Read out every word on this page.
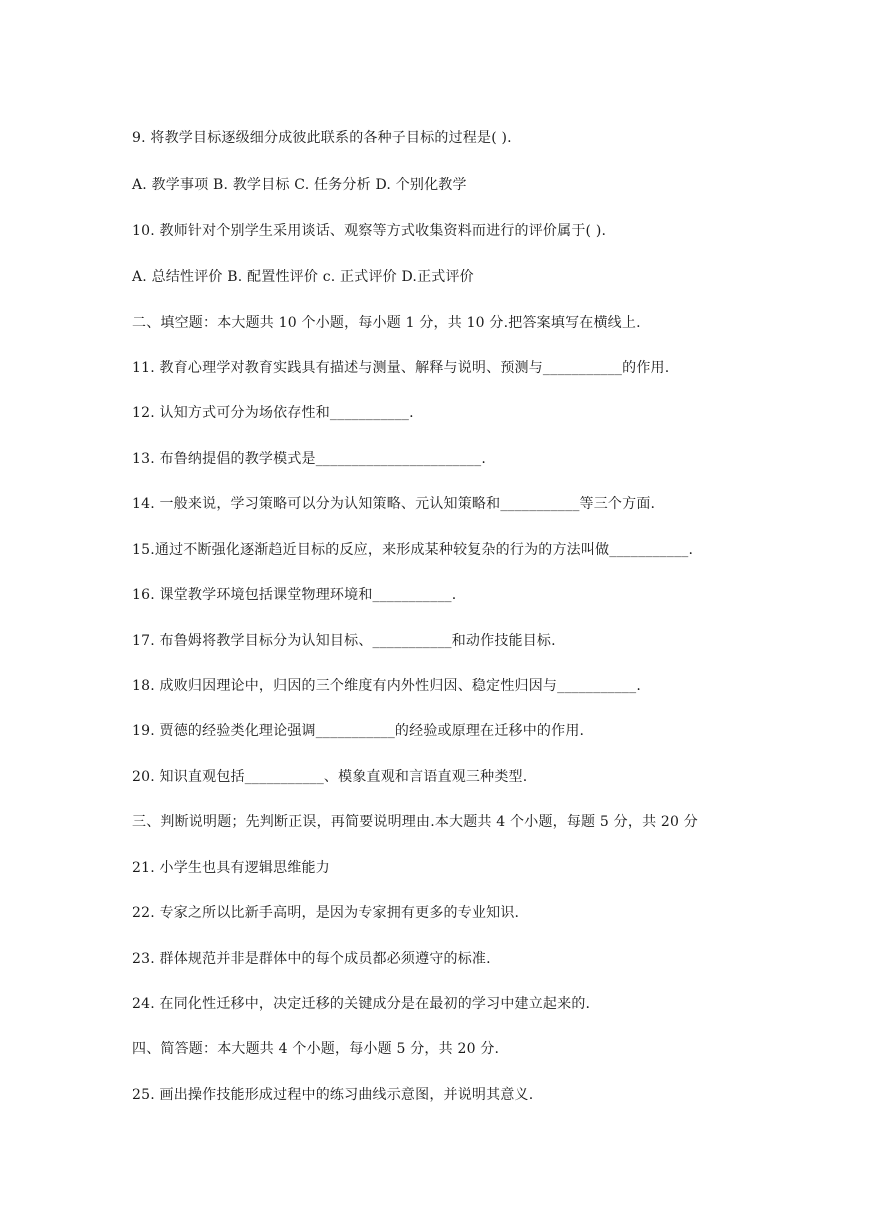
9. 将教学目标逐级细分成彼此联系的各种子目标的过程是( ).
A. 教学事项 B. 教学目标 C. 任务分析 D. 个别化教学
10. 教师针对个别学生采用谈话、观察等方式收集资料而进行的评价属于( ).
A. 总结性评价 B. 配置性评价 c. 正式评价 D.正式评价
二、填空题：本大题共 10 个小题，每小题 1 分，共 10 分.把答案填写在横线上.
11. 教育心理学对教育实践具有描述与测量、解释与说明、预测与___________的作用.
12. 认知方式可分为场依存性和___________.
13. 布鲁纳提倡的教学模式是_______________________.
14. 一般来说，学习策略可以分为认知策略、元认知策略和___________等三个方面.
15.通过不断强化逐渐趋近目标的反应，来形成某种较复杂的行为的方法叫做___________.
16. 课堂教学环境包括课堂物理环境和___________.
17. 布鲁姆将教学目标分为认知目标、___________和动作技能目标.
18. 成败归因理论中，归因的三个维度有内外性归因、稳定性归因与___________.
19. 贾德的经验类化理论强调___________的经验或原理在迁移中的作用.
20. 知识直观包括___________、模象直观和言语直观三种类型.
三、判断说明题；先判断正误，再简要说明理由.本大题共 4 个小题，每题 5 分，共 20 分
21. 小学生也具有逻辑思维能力
22. 专家之所以比新手高明，是因为专家拥有更多的专业知识.
23. 群体规范并非是群体中的每个成员都必须遵守的标准.
24. 在同化性迁移中，决定迁移的关键成分是在最初的学习中建立起来的.
四、简答题：本大题共 4 个小题，每小题 5 分，共 20 分.
25. 画出操作技能形成过程中的练习曲线示意图，并说明其意义.
